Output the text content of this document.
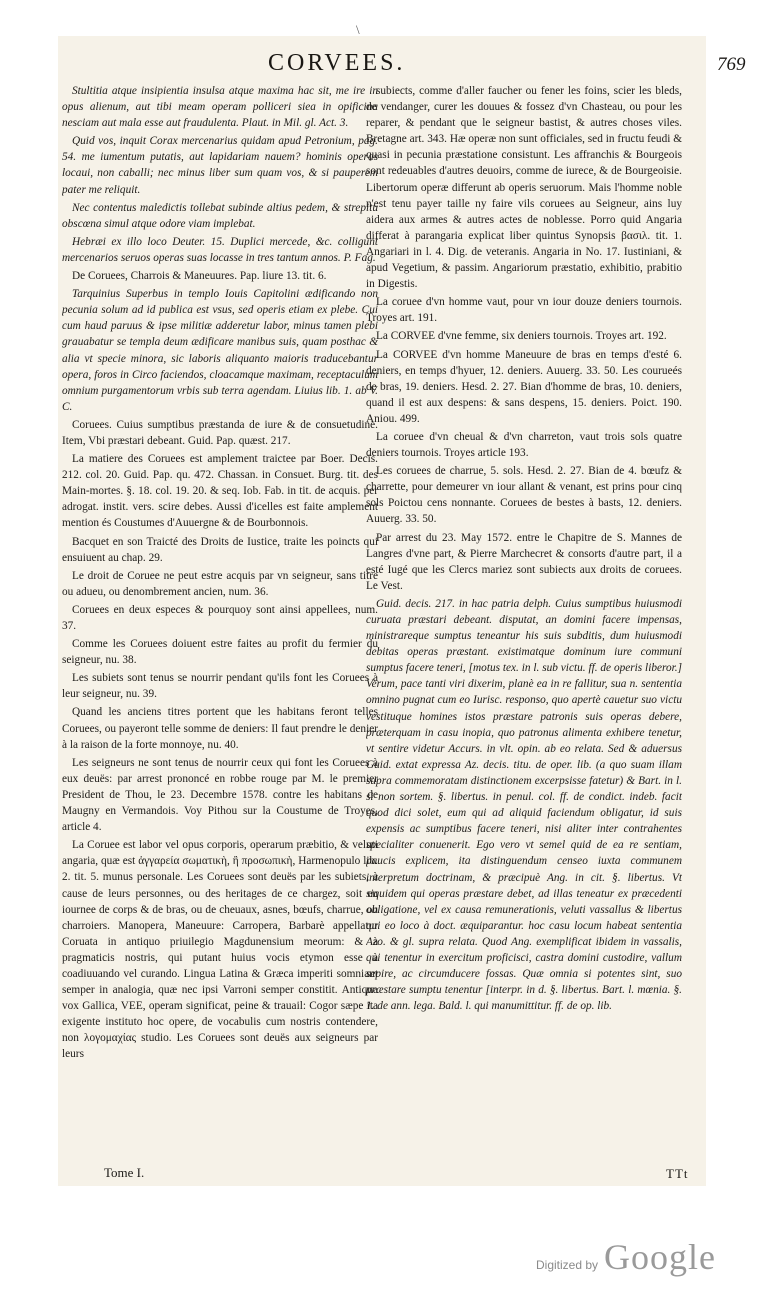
\
CORVEES.	769

Stultitia atque insipientia insulsa atque maxima hac sit, me ire in opus alienum, aut tibi meam operam polliceri siea in opificina nesciam aut mala esse aut fraudulenta. Plaut. in Mil. gl. Act. 3.

Quid vos, inquit Corax mercenarius quidam apud Petronium, pag. 54. me iumentum putatis, aut lapidariam nauem? hominis operas locaui, non caballi; nec minus liber sum quam vos, & si pauperem pater me reliquit.

Nec contentus maledictis tollebat subinde altius pedem, & strepitu obscœna simul atque odore viam implebat.

Hebræi ex illo loco Deuter. 15. Duplici mercede, &c. colligunt mercenarios seruos operas suas locasse in tres tantum annos. P. Fag.

De Coruees, Charrois & Maneuures. Pap. liure 13. tit. 6.

Tarquinius Superbus in templo Iouis Capitolini ædificando non pecunia solum ad id publica est vsus, sed operis etiam ex plebe. Cui cum haud paruus & ipse militiæ adderetur labor, minus tamen plebi grauabatur se templa deum ædificare manibus suis, quam posthac & alia vt specie minora, sic laboris aliquanto maioris traducebantur opera, foros in Circo faciendos, cloacamque maximam, receptaculum omnium purgamentorum vrbis sub terra agendam. Liuius lib. 1. ab V. C.

Coruees. Cuius sumptibus præstanda de iure & de consuetudine. Item, Vbi præstari debeant. Guid. Pap. quæst. 217.

La matiere des Coruees est amplement traictee par Boer. Decis. 212. col. 20. Guid. Pap. qu. 472. Chassan. in Consuet. Burg. tit. des Main-mortes. §. 18. col. 19. 20. & seq. Iob. Fab. in tit. de acquis. per adrogat. instit. vers. scire debes. Aussi d'icelles est faite amplement mention és Coustumes d'Auuergne & de Bourbonnois.

Bacquet en son Traicté des Droits de Iustice, traite les poincts qui ensuiuent au chap. 29.

Le droit de Coruee ne peut estre acquis par vn seigneur, sans titre ou adueu, ou denombrement ancien, num. 36.

Coruees en deux especes & pourquoy sont ainsi appellees, num. 37.

Comme les Coruees doiuent estre faites au profit du fermier du seigneur, nu. 38.

Les subiets sont tenus se nourrir pendant qu'ils font les Coruees à leur seigneur, nu. 39.

Quand les anciens titres portent que les habitans feront telles Coruees, ou payeront telle somme de deniers: Il faut prendre le denier à la raison de la forte monnoye, nu. 40.

Les seigneurs ne sont tenus de nourrir ceux qui font les Coruees à eux deuës: par arrest prononcé en robbe rouge par M. le premier President de Thou, le 23. Decembre 1578. contre les habitans de Maugny en Vermandois. Voy Pithou sur la Coustume de Troyes, article 4.

La Coruee est labor vel opus corporis, operarum præbitio, & veluti angaria, quæ est ἀγγαρεία σωματικὴ, ἢ προσωπικὴ, Harmenopulo lib. 2. tit. 5. munus personale. Les Coruees sont deuës par les subiets, à cause de leurs personnes, ou des heritages de ce chargez, soit en iournee de corps & de bras, ou de cheuaux, asnes, bœufs, charrue, ou charroiers. Manopera, Maneuure: Carropera, Barbarè appellatur Coruata in antiquo priuilegio Magdunensium meorum: & à pragmaticis nostris, qui putant huius vocis etymon esse à coadiuuando vel curando. Lingua Latina & Græca imperiti somniant semper in analogia, quæ nec ipsi Varroni semper constitit. Antiqua vox Gallica, VEE, operam significat, peine & trauail: Cogor sæpe ita exigente instituto hoc opere, de vocabulis cum nostris contendere, non λογομαχίας studio. Les Coruees sont deuës aux seigneurs par leurs

subiects, comme d'aller faucher ou fener les foins, scier les bleds, de vendanger, curer les douues & fossez d'vn Chasteau, ou pour les reparer, & pendant que le seigneur bastist, & autres choses viles. Bretagne art. 343. Hæ operæ non sunt officiales, sed in fructu feudi & quasi in pecunia præstatione consistunt. Les affranchis & Bourgeois sont redeuables d'autres deuoirs, comme de iurece, & de Bourgeoisie. Libertorum operæ differunt ab operis seruorum. Mais l'homme noble n'est tenu payer taille ny faire vils coruees au Seigneur, ains luy aidera aux armes & autres actes de noblesse. Porro quid Angaria differat à parangaria explicat liber quintus Synopsis βασιλ. tit. 1. Angariari in l. 4. Dig. de veteranis. Angaria in No. 17. Iustiniani, & apud Vegetium, & passim. Angariorum præstatio, exhibitio, prabitio in Digestis.

La coruee d'vn homme vaut, pour vn iour douze deniers tournois. Troyes art. 191.

La CORVEE d'vne femme, six deniers tournois. Troyes art. 192.

La CORVEE d'vn homme Maneuure de bras en temps d'esté 6. deniers, en temps d'hyuer, 12. deniers. Auuerg. 33. 50. Les courueés de bras, 19. deniers. Hesd. 2. 27. Bian d'homme de bras, 10. deniers, quand il est aux despens: & sans despens, 15. deniers. Poict. 190. Aniou. 499.

La coruee d'vn cheual & d'vn charreton, vaut trois sols quatre deniers tournois. Troyes article 193.

Les coruees de charrue, 5. sols. Hesd. 2. 27. Bian de 4. bœufz & charrette, pour demeurer vn iour allant & venant, est prins pour cinq sols Poictou cens nonnante. Coruees de bestes à basts, 12. deniers. Auuerg. 33. 50.

Par arrest du 23. May 1572. entre le Chapitre de S. Mannes de Langres d'vne part, & Pierre Marchecret & consorts d'autre part, il a esté Iugé que les Clercs mariez sont subiects aux droits de coruees. Le Vest.

Guid. decis. 217. in hac patria delph. Cuius sumptibus huiusmodi curuata præstari debeant. disputat, an domini facere impensas, ministrareque sumptus teneantur his suis subditis, dum huiusmodi debitas operas præstant. existimatque dominum iure communi sumptus facere teneri, [motus tex. in l. sub victu. ff. de operis liberor.] Verum, pace tanti viri dixerim, planè ea in re fallitur, sua n. sententia omnino pugnat cum eo Iurisc. responso, quo apertè cauetur suo victu vestituque homines istos præstare patronis suis operas debere, præterquam in casu inopia, quo patronus alimenta exhibere tenetur, vt sentire videtur Accurs. in vlt. opin. ab eo relata. Sed & aduersus Guid. extat expressa Az. decis. titu. de oper. lib. (a quo suam illam supra commemoratam distinctionem excerpsisse fatetur) & Bart. in l. si non sortem. §. libertus. in penul. col. ff. de condict. indeb. facit quod dici solet, eum qui ad aliquid faciendum obligatur, id suis expensis ac sumptibus facere teneri, nisi aliter inter contrahentes specialiter conuenerit. Ego vero vt semel quid de ea re sentiam, paucis explicem, ita distinguendum censeo iuxta communem interpretum doctrinam, & præcipuè Ang. in cit. §. libertus. Vt siquidem qui operas præstare debet, ad illas teneatur ex præcedenti obligatione, vel ex causa remunerationis, veluti vassallus & libertus qui eo loco à doct. æquiparantur. hoc casu locum habeat sententia Azo. & gl. supra relata. Quod Ang. exemplificat ibidem in vassalis, qui tenentur in exercitum proficisci, castra domini custodire, vallum sepire, ac circumducere fossas. Quæ omnia si potentes sint, suo præstare sumptu tenentur [interpr. in d. §. libertus. Bart. l. mœnia. §. 1. de ann. lega. Bald. l. qui manumittitur. ff. de op. lib.

Tome I.	TTt
Digitized by Google
